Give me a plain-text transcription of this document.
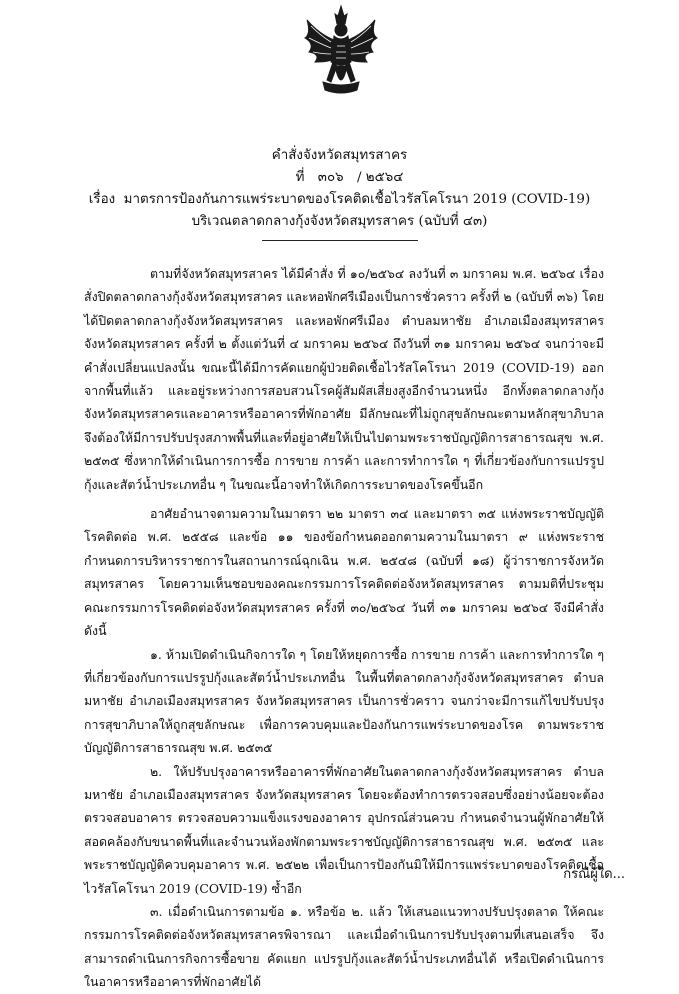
คำสั่งจังหวัดสมุทรสาคร
ที่ ๓๐๖ / ๒๕๖๔
เรื่อง มาตรการป้องกันการแพร่ระบาดของโรคติดเชื้อไวรัสโคโรนา 2019 (COVID-19)
บริเวณตลาดกลางกุ้งจังหวัดสมุทรสาคร (ฉบับที่ ๔๓)

ตามที่จังหวัดสมุทรสาคร ได้มีคำสั่ง ที่ ๑๐/๒๕๖๔ ลงวันที่ ๓ มกราคม พ.ศ. ๒๕๖๔ เรื่อง สั่งปิดตลาดกลางกุ้งจังหวัดสมุทรสาคร และหอพักศรีเมืองเป็นการชั่วคราว ครั้งที่ ๒ (ฉบับที่ ๓๖) โดยได้ปิดตลาดกลางกุ้งจังหวัดสมุทรสาคร และหอพักศรีเมือง ตำบลมหาชัย อำเภอเมืองสมุทรสาคร จังหวัดสมุทรสาคร ครั้งที่ ๒ ตั้งแต่วันที่ ๔ มกราคม ๒๕๖๔ ถึงวันที่ ๓๑ มกราคม ๒๕๖๔ จนกว่าจะมีคำสั่งเปลี่ยนแปลงนั้น ขณะนี้ได้มีการคัดแยกผู้ป่วยติดเชื้อไวรัสโคโรนา 2019 (COVID-19) ออกจากพื้นที่แล้ว และอยู่ระหว่างการสอบสวนโรคผู้สัมผัสเสี่ยงสูงอีกจำนวนหนึ่ง อีกทั้งตลาดกลางกุ้งจังหวัดสมุทรสาครและอาคารหรืออาคารที่พักอาศัย มีลักษณะที่ไม่ถูกสุขลักษณะตามหลักสุขาภิบาล จึงต้องให้มีการปรับปรุงสภาพพื้นที่และที่อยู่อาศัยให้เป็นไปตามพระราชบัญญัติการสาธารณสุข พ.ศ. ๒๕๓๕ ซึ่งหากให้ดำเนินการการซื้อ การขาย การค้า และการทำการใด ๆ ที่เกี่ยวข้องกับการแปรรูปกุ้งและสัตว์น้ำประเภทอื่น ๆ ในขณะนี้อาจทำให้เกิดการระบาดของโรคขึ้นอีก

อาศัยอำนาจตามความในมาตรา ๒๒ มาตรา ๓๔ และมาตรา ๓๕ แห่งพระราชบัญญัติโรคติดต่อ พ.ศ. ๒๕๕๘ และข้อ ๑๑ ของข้อกำหนดออกตามความในมาตรา ๙ แห่งพระราชกำหนดการบริหารราชการในสถานการณ์ฉุกเฉิน พ.ศ. ๒๕๔๘ (ฉบับที่ ๑๘) ผู้ว่าราชการจังหวัดสมุทรสาคร โดยความเห็นชอบของคณะกรรมการโรคติดต่อจังหวัดสมุทรสาคร ตามมติที่ประชุมคณะกรรมการโรคติดต่อจังหวัดสมุทรสาคร ครั้งที่ ๓๐/๒๕๖๔ วันที่ ๓๑ มกราคม ๒๕๖๔ จึงมีคำสั่ง ดังนี้

๑. ห้ามเปิดดำเนินกิจการใด ๆ โดยให้หยุดการซื้อ การขาย การค้า และการทำการใด ๆ ที่เกี่ยวข้องกับการแปรรูปกุ้งและสัตว์น้ำประเภทอื่น ในพื้นที่ตลาดกลางกุ้งจังหวัดสมุทรสาคร ตำบลมหาชัย อำเภอเมืองสมุทรสาคร จังหวัดสมุทรสาคร เป็นการชั่วคราว จนกว่าจะมีการแก้ไขปรับปรุงการสุขาภิบาลให้ถูกสุขลักษณะ เพื่อการควบคุมและป้องกันการแพร่ระบาดของโรค ตามพระราชบัญญัติการสาธารณสุข พ.ศ. ๒๕๓๕

๒. ให้ปรับปรุงอาคารหรืออาคารที่พักอาศัยในตลาดกลางกุ้งจังหวัดสมุทรสาคร ตำบลมหาชัย อำเภอเมืองสมุทรสาคร จังหวัดสมุทรสาคร โดยจะต้องทำการตรวจสอบซึ่งอย่างน้อยจะต้องตรวจสอบอาคาร ตรวจสอบความแข็งแรงของอาคาร อุปกรณ์ส่วนควบ กำหนดจำนวนผู้พักอาศัยให้สอดคล้องกับขนาดพื้นที่และจำนวนห้องพักตามพระราชบัญญัติการสาธารณสุข พ.ศ. ๒๕๓๕ และพระราชบัญญัติควบคุมอาคาร พ.ศ. ๒๕๒๒ เพื่อเป็นการป้องกันมิให้มีการแพร่ระบาดของโรคติดเชื้อไวรัสโคโรนา 2019 (COVID-19) ซ้ำอีก

๓. เมื่อดำเนินการตามข้อ ๑. หรือข้อ ๒. แล้ว ให้เสนอแนวทางปรับปรุงตลาด ให้คณะกรรมการโรคติดต่อจังหวัดสมุทรสาครพิจารณา และเมื่อดำเนินการปรับปรุงตามที่เสนอเสร็จ จึงสามารถดำเนินการกิจการซื้อขาย คัดแยก แปรรูปกุ้งและสัตว์น้ำประเภทอื่นได้ หรือเปิดดำเนินการในอาคารหรืออาคารที่พักอาศัยได้

กรณีผู้ใด...
